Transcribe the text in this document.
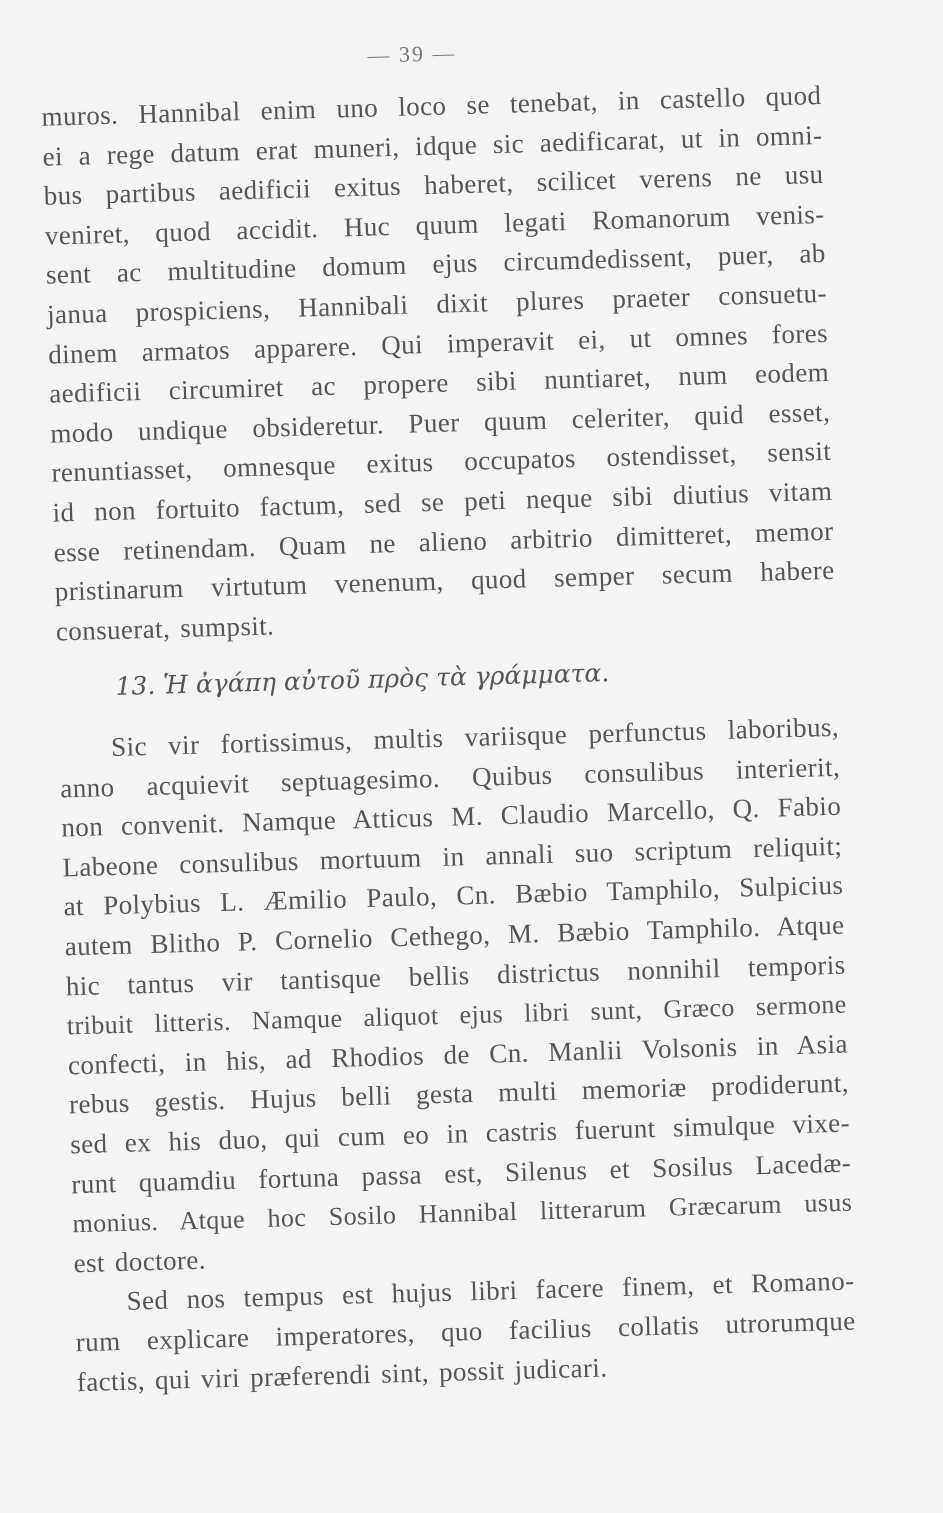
— 39 —
muros. Hannibal enim uno loco se tenebat, in castello quod
ei a rege datum erat muneri, idque sic aedificarat, ut in omni-
bus partibus aedificii exitus haberet, scilicet verens ne usu
veniret, quod accidit. Huc quum legati Romanorum venis-
sent ac multitudine domum ejus circumdedissent, puer, ab
janua prospiciens, Hannibali dixit plures praeter consuetu-
dinem armatos apparere. Qui imperavit ei, ut omnes fores
aedificii circumiret ac propere sibi nuntiaret, num eodem
modo undique obsideretur. Puer quum celeriter, quid esset,
renuntiasset, omnesque exitus occupatos ostendisset, sensit
id non fortuito factum, sed se peti neque sibi diutius vitam
esse retinendam. Quam ne alieno arbitrio dimitteret, memor
pristinarum virtutum venenum, quod semper secum habere
consuerat, sumpsit.
13. Ἡ ἀγάπη αὐτοῦ πρὸς τὰ γράμματα.
Sic vir fortissimus, multis variisque perfunctus laboribus,
anno acquievit septuagesimo. Quibus consulibus interierit,
non convenit. Namque Atticus M. Claudio Marcello, Q. Fabio
Labeone consulibus mortuum in annali suo scriptum reliquit;
at Polybius L. Æmilio Paulo, Cn. Bæbio Tamphilo, Sulpicius
autem Blitho P. Cornelio Cethego, M. Bæbio Tamphilo. Atque
hic tantus vir tantisque bellis districtus nonnihil temporis
tribuit litteris. Namque aliquot ejus libri sunt, Græco sermone
confecti, in his, ad Rhodios de Cn. Manlii Volsonis in Asia
rebus gestis. Hujus belli gesta multi memoriæ prodiderunt,
sed ex his duo, qui cum eo in castris fuerunt simulque vixe-
runt quamdiu fortuna passa est, Silenus et Sosilus Lacedæ-
monius. Atque hoc Sosilo Hannibal litterarum Græcarum usus
est doctore.
Sed nos tempus est hujus libri facere finem, et Romano-
rum explicare imperatores, quo facilius collatis utrorumque
factis, qui viri præferendi sint, possit judicari.
